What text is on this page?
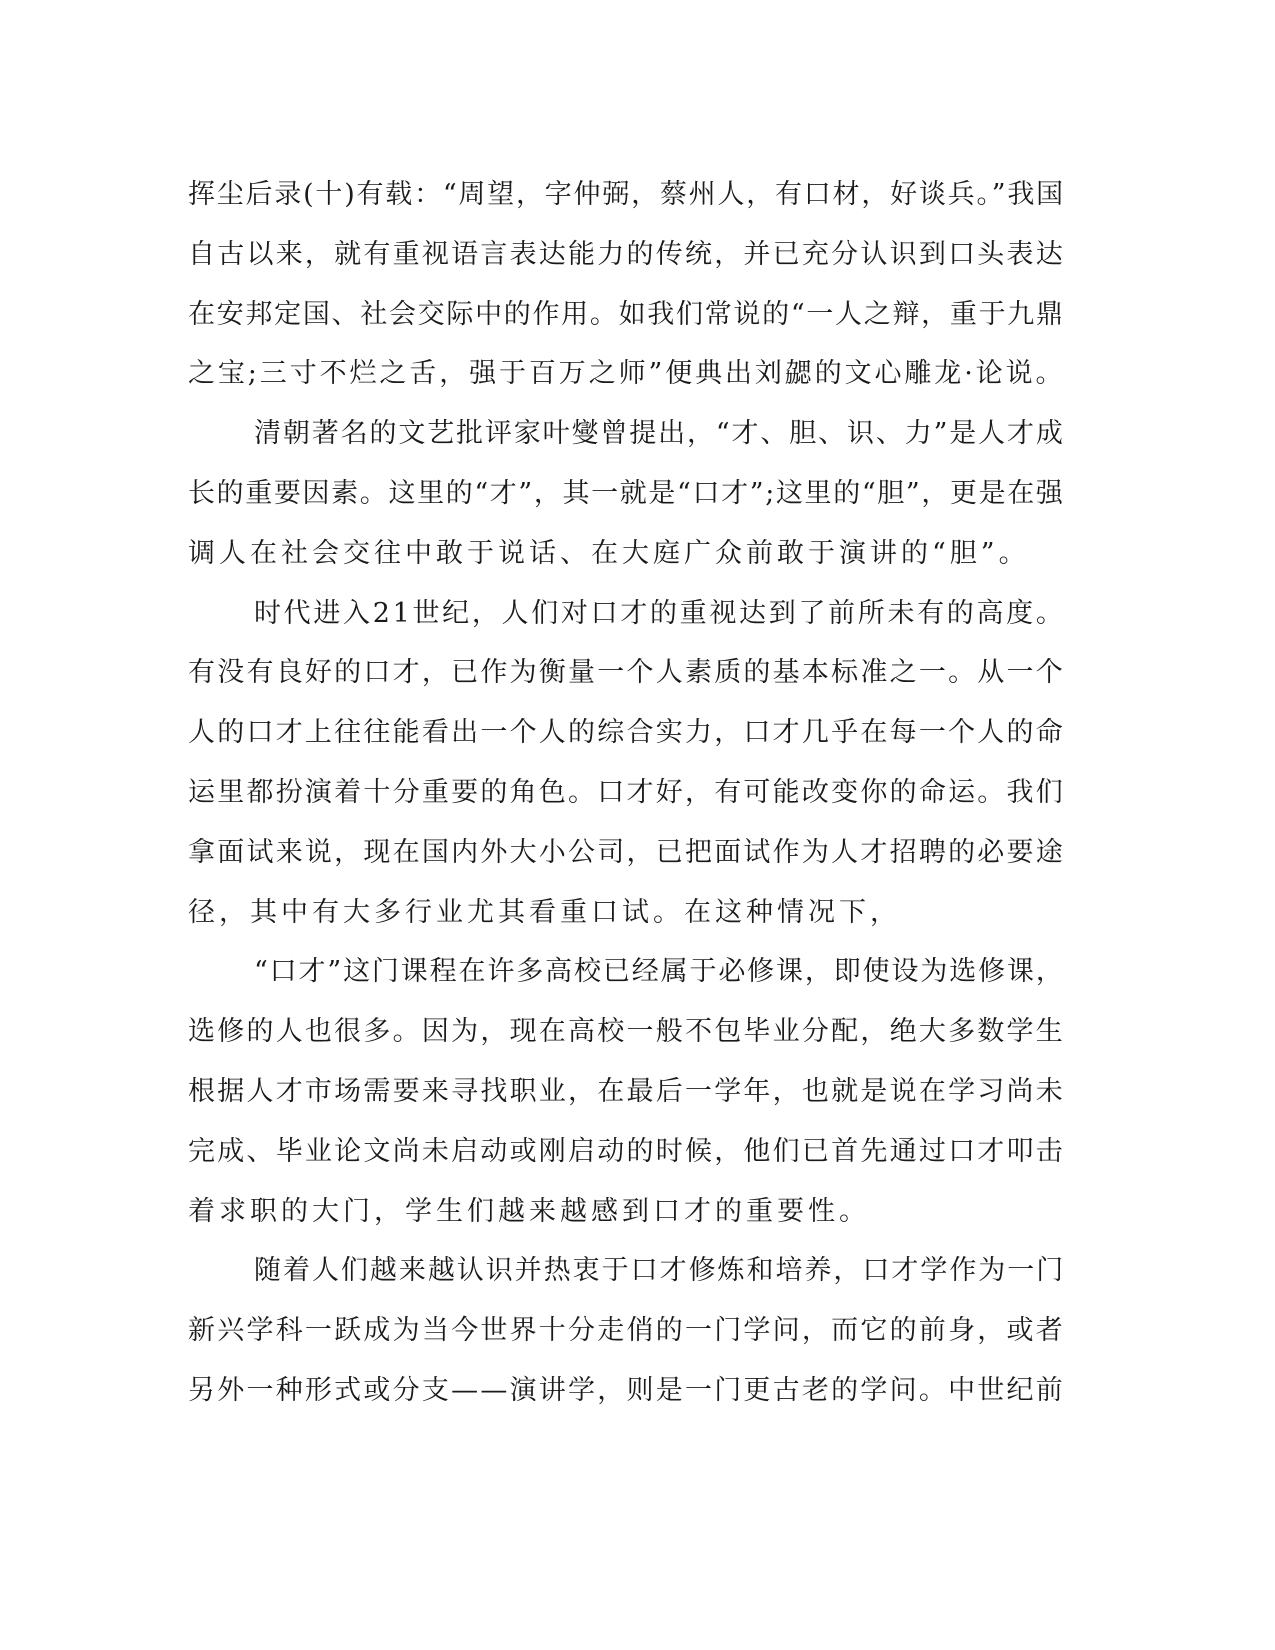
挥尘后录(十)有载：“周望，字仲弼，蔡州人，有口材，好谈兵。”我国
自古以来，就有重视语言表达能力的传统，并已充分认识到口头表达
在安邦定国、社会交际中的作用。如我们常说的“一人之辩，重于九鼎
之宝;三寸不烂之舌，强于百万之师”便典出刘勰的文心雕龙·论说。
清朝著名的文艺批评家叶燮曾提出，“才、胆、识、力”是人才成
长的重要因素。这里的“才”，其一就是“口才”;这里的“胆”，更是在强
调人在社会交往中敢于说话、在大庭广众前敢于演讲的“胆”。
时代进入21世纪，人们对口才的重视达到了前所未有的高度。
有没有良好的口才，已作为衡量一个人素质的基本标准之一。从一个
人的口才上往往能看出一个人的综合实力，口才几乎在每一个人的命
运里都扮演着十分重要的角色。口才好，有可能改变你的命运。我们
拿面试来说，现在国内外大小公司，已把面试作为人才招聘的必要途
径，其中有大多行业尤其看重口试。在这种情况下，
“口才”这门课程在许多高校已经属于必修课，即使设为选修课，
选修的人也很多。因为，现在高校一般不包毕业分配，绝大多数学生
根据人才市场需要来寻找职业，在最后一学年，也就是说在学习尚未
完成、毕业论文尚未启动或刚启动的时候，他们已首先通过口才叩击
着求职的大门，学生们越来越感到口才的重要性。
随着人们越来越认识并热衷于口才修炼和培养，口才学作为一门
新兴学科一跃成为当今世界十分走俏的一门学问，而它的前身，或者
另外一种形式或分支——演讲学，则是一门更古老的学问。中世纪前
